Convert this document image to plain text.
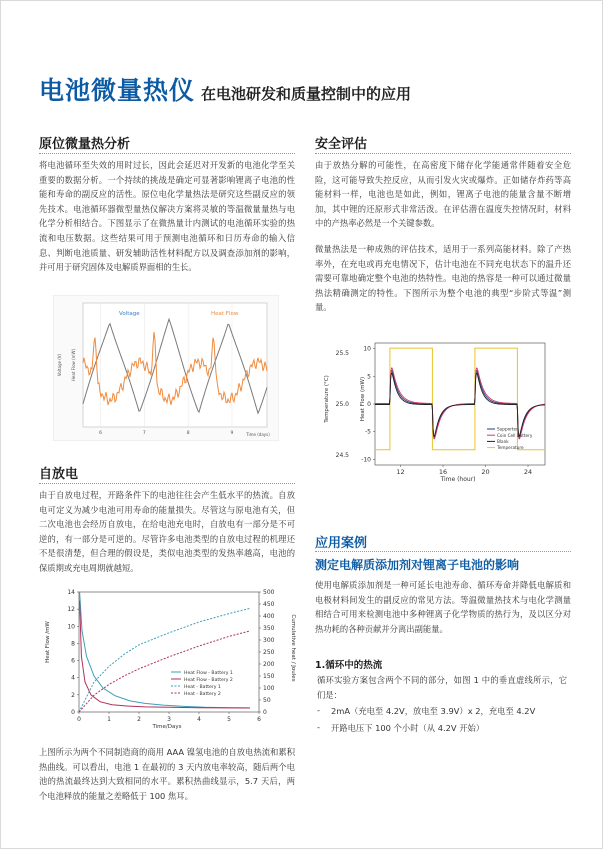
电池微量热仪 在电池研发和质量控制中的应用
原位微量热分析
将电池循环至失效的用时过长，因此会延迟对开发新的电池化学至关重要的数据分析。一个持续的挑战是确定可显著影响锂离子电池的性能和寿命的副反应的活性。原位电化学量热法是研究这些副反应的领先技术。电池循环器微型量热仪解决方案将灵敏的等温微量量热与电化学分析相结合。下图显示了在微热量计内测试的电池循环实验的热流和电压数据。这些结果可用于预测电池循环和日历寿命的输入信息、判断电池质量、研发辅助活性材料配方以及调查添加剂的影响，并可用于研究固体及电解质界面相的生长。
Voltage	Heat Flow
Voltage (V) Heat Flow (mW)
Time (days)
6	7	8	9
自放电
由于自放电过程，开路条件下的电池往往会产生低水平的热流。自放电可定义为减少电池可用寿命的能量损失。尽管这与原电池有关，但二次电池也会经历自放电，在给电池充电时，自放电有一部分是不可逆的，有一部分是可逆的。尽管许多电池类型的自放电过程的机理还不是很清楚，但合理的假设是，类似电池类型的发热率越高，电池的保质期或充电周期就越短。
0	1	2	3	4	5	6
0
2
4
6
8
10
12
14
0
50
100
150
200
250
300
350
400
450
500
Heat Flow - Battery 1
Heat Flow - Battery 2
Heat - Battery 1
Heat - Battery 2
Heat Flow /mW	Cumulative heat / Joules
Time/Days
上图所示为两个不同制造商的商用 AAA 镍氢电池的自放电热流和累积热曲线。可以看出，电池 1 在最初的 3 天内放电率较高，随后两个电池的热流最终达到大致相同的水平。累积热曲线显示，5.7 天后，两个电池释放的能量之差略低于 100 焦耳。
安全评估
由于放热分解的可能性，在高密度下储存化学能通常伴随着安全危险，这可能导致失控反应，从而引发火灾或爆炸。正如储存炸药等高能材料一样，电池也是如此，例如，锂离子电池的能量含量不断增加，其中锂的还原形式非常活泼。在评估潜在温度失控情况时，材料中的产热率必然是一个关键参数。
微量热法是一种成熟的评估技术，适用于一系列高能材料。除了产热率外，在充电或再充电情况下，估计电池在不同充电状态下的温升还需要可靠地确定整个电池的热特性。电池的热容是一种可以通过微量热法精确测定的特性。下图所示为整个电池的典型“步阶式等温”测量。
12	16	20	24
24.5
25.0
25.5
-10
-5
0
5
10
Supporter
Coin Cell Battery
Blank
Temperature
Temperature (°C)	Heat Flow (mW)
Time (hour)
应用案例
测定电解质添加剂对锂离子电池的影响
使用电解质添加剂是一种可延长电池寿命、循环寿命并降低电解质和电极材料间发生的副反应的常见方法。等温微量热技术与电化学测量相结合可用来检测电池中多种锂离子化学物质的热行为，及以区分对热功耗的各种贡献并分离出副能量。
1.循环中的热流
循环实验方案包含两个不同的部分，如图 1 中的垂直虚线所示，它们是：
- 2mA（充电至 4.2V，放电至 3.9V）x 2，充电至 4.2V
- 开路电压下 100 个小时（从 4.2V 开始）
